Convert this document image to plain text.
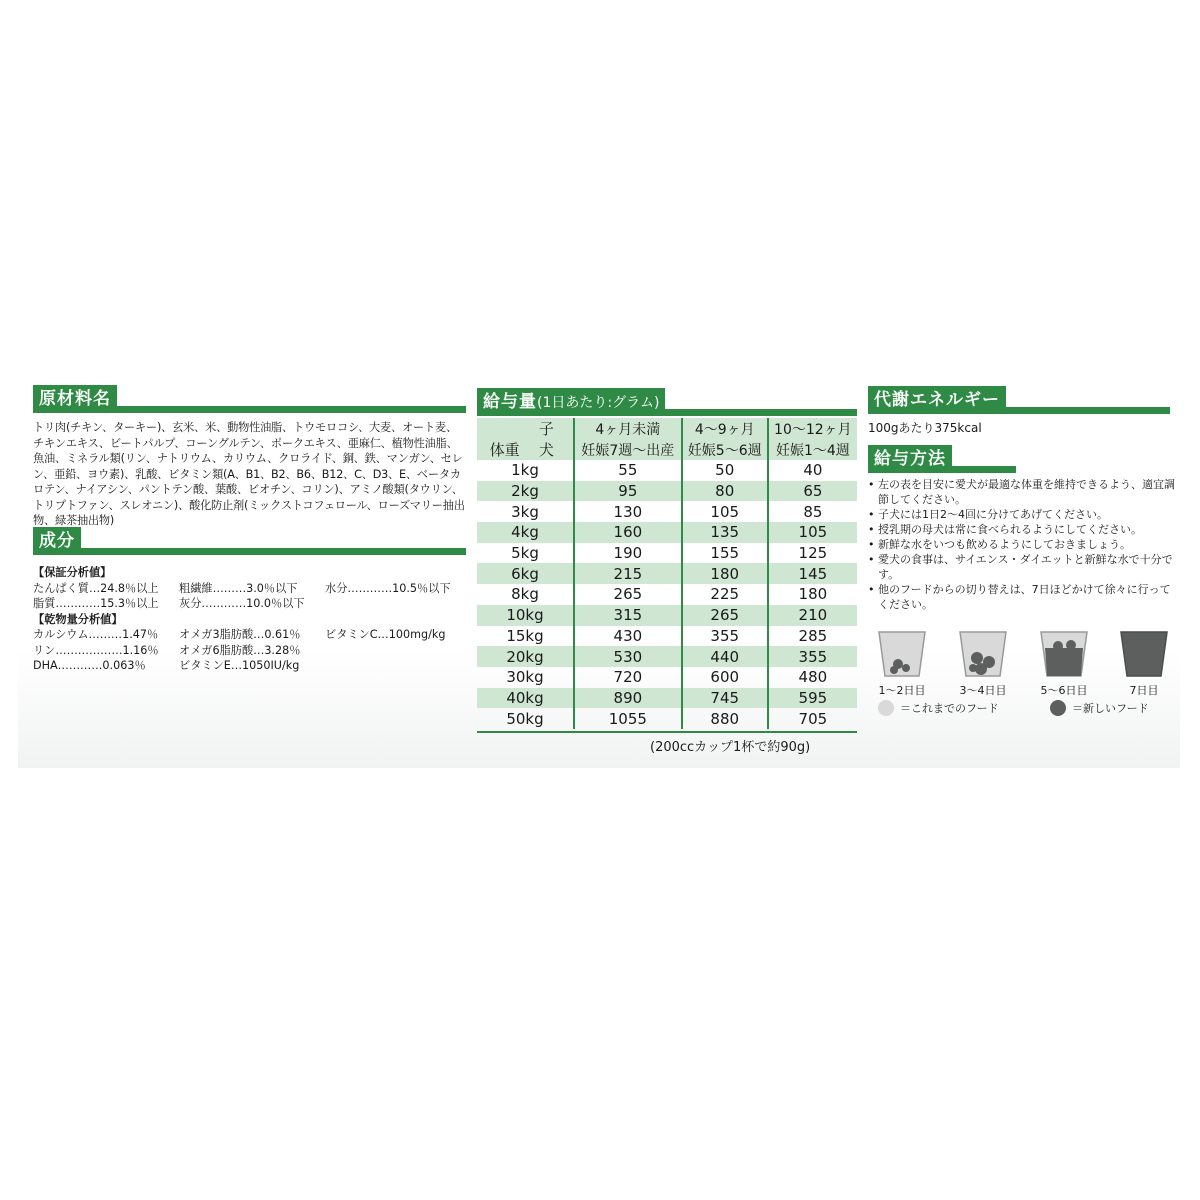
原材料名
トリ肉(チキン、ターキー)、玄米、米、動物性油脂、トウモロコシ、大麦、オート麦、チキンエキス、ビートパルプ、コーングルテン、ポークエキス、亜麻仁、植物性油脂、魚油、ミネラル類(リン、ナトリウム、カリウム、クロライド、銅、鉄、マンガン、セレン、亜鉛、ヨウ素)、乳酸、ビタミン類(A、B1、B2、B6、B12、C、D3、E、ベータカロテン、ナイアシン、パントテン酸、葉酸、ビオチン、コリン)、アミノ酸類(タウリン、トリプトファン、スレオニン)、酸化防止剤(ミックストコフェロール、ローズマリー抽出物、緑茶抽出物)
成分
【保証分析値】
たんぱく質…24.8％以上	粗繊維………3.0％以下	水分…………10.5％以下
脂質…………15.3％以上	灰分…………10.0％以下
【乾物量分析値】
カルシウム………1.47％	オメガ3脂肪酸…0.61％	ビタミンC…100mg/kg
リン………………1.16％	オメガ6脂肪酸…3.28％
DHA…………0.063％	ビタミンE…1050IU/kg
給与量(1日あたり:グラム)
体重 子犬	4ヶ月未満	4〜9ヶ月	10〜12ヶ月
	妊娠7週〜出産	妊娠5〜6週	妊娠1〜4週
1kg	55	50	40
2kg	95	80	65
3kg	130	105	85
4kg	160	135	105
5kg	190	155	125
6kg	215	180	145
8kg	265	225	180
10kg	315	265	210
15kg	430	355	285
20kg	530	440	355
30kg	720	600	480
40kg	890	745	595
50kg	1055	880	705
(200ccカップ1杯で約90g)
代謝エネルギー
100gあたり375kcal
給与方法
• 左の表を目安に愛犬が最適な体重を維持できるよう、適宜調節してください。
• 子犬には1日2〜4回に分けてあげてください。
• 授乳期の母犬は常に食べられるようにしてください。
• 新鮮な水をいつも飲めるようにしておきましょう。
• 愛犬の食事は、サイエンス・ダイエットと新鮮な水で十分です。
• 他のフードからの切り替えは、7日ほどかけて徐々に行ってください。
1〜2日目	3〜4日目	5〜6日目	7日目
＝これまでのフード	＝新しいフード
